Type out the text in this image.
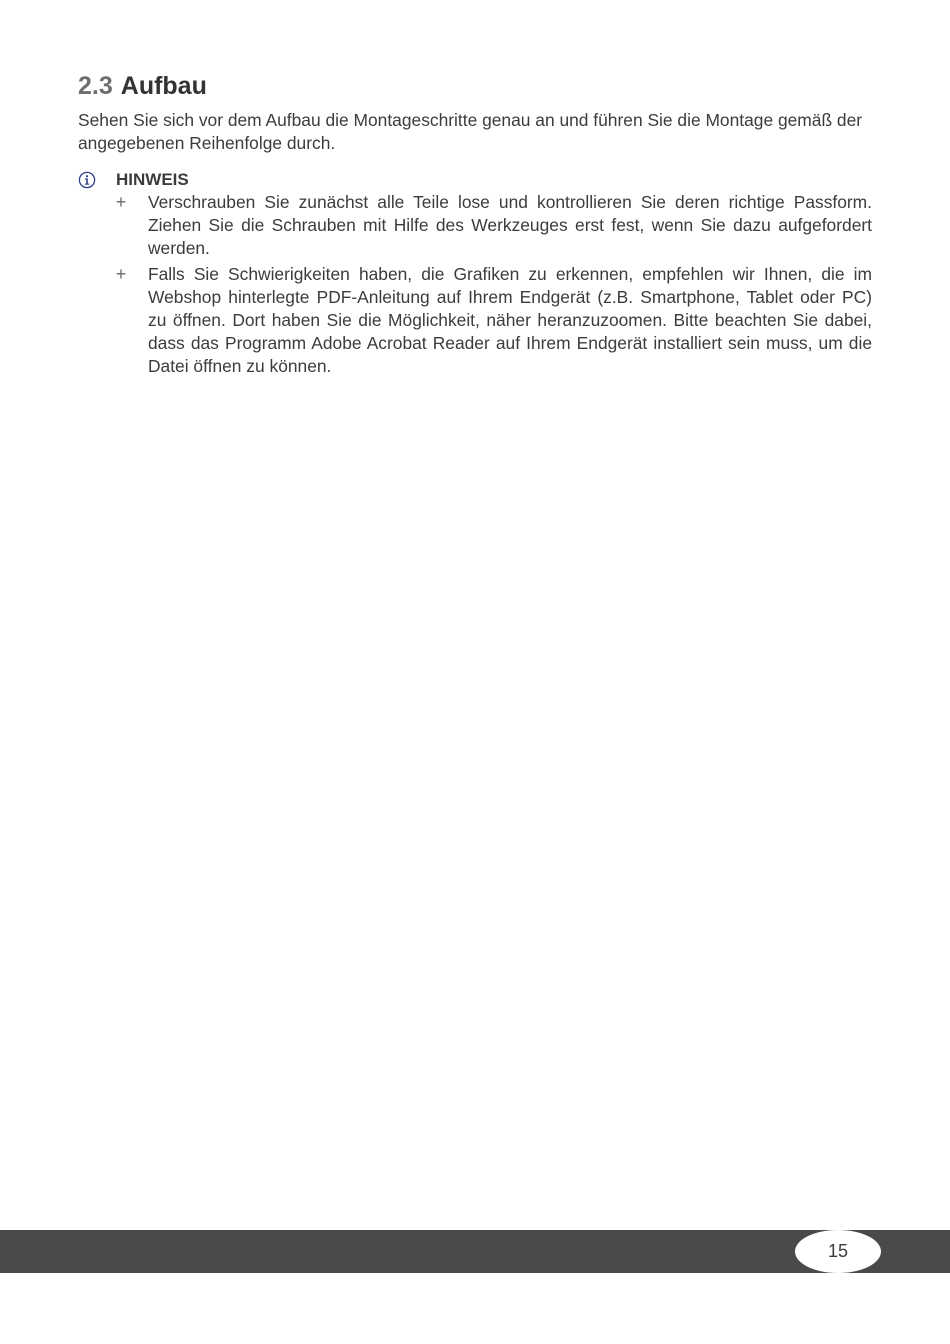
2.3 Aufbau

Sehen Sie sich vor dem Aufbau die Montageschritte genau an und führen Sie die Montage gemäß der angegebenen Reihenfolge durch.

HINWEIS
+ Verschrauben Sie zunächst alle Teile lose und kontrollieren Sie deren richtige Passform. Ziehen Sie die Schrauben mit Hilfe des Werkzeuges erst fest, wenn Sie dazu aufgefordert werden.
+ Falls Sie Schwierigkeiten haben, die Grafiken zu erkennen, empfehlen wir Ihnen, die im Webshop hinterlegte PDF-Anleitung auf Ihrem Endgerät (z.B. Smartphone, Tablet oder PC) zu öffnen. Dort haben Sie die Möglichkeit, näher heranzuzoomen. Bitte beachten Sie dabei, dass das Programm Adobe Acrobat Reader auf Ihrem Endgerät installiert sein muss, um die Datei öffnen zu können.
15
